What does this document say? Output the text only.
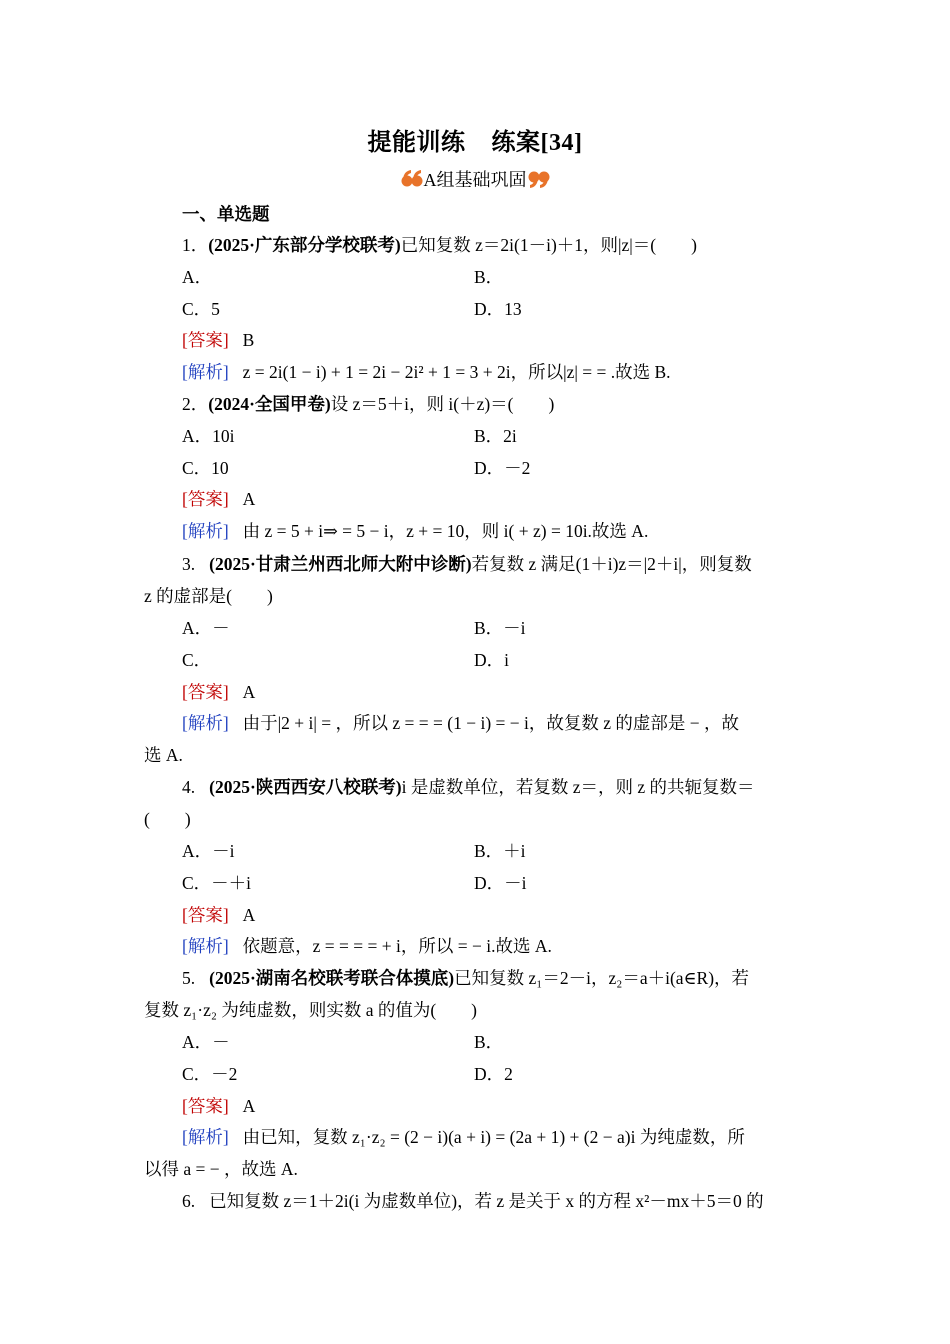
提能训练 练案[34]
A组基础巩固
一、单选题
1．(2025·广东部分学校联考)已知复数 z＝2i(1－i)＋1，则|z|＝(　　)
A．	B．
C．5	D．13
[答案] B
[解析] z = 2i(1 − i) + 1 = 2i − 2i² + 1 = 3 + 2i，所以|z| = = .故选 B.
2．(2024·全国甲卷)设 z＝5＋i，则 i(＋z)＝(　　)
A．10i	B．2i
C．10	D．－2
[答案] A
[解析] 由 z = 5 + i⇒ = 5 − i，z + = 10，则 i( + z) = 10i.故选 A.
3. (2025·甘肃兰州西北师大附中诊断)若复数 z 满足(1＋i)z＝|2＋i|，则复数
z 的虚部是(　　)
A．－	B．－i
C．	D．i
[答案] A
[解析] 由于|2 + i| = ，所以 z = = = (1 − i) = − i，故复数 z 的虚部是 − ，故
选 A.
4. (2025·陕西西安八校联考)i 是虚数单位，若复数 z＝，则 z 的共轭复数＝
(　　)
A．－i	B．＋i
C．－＋i	D．－i
[答案] A
[解析] 依题意，z = = = = + i，所以 = − i.故选 A.
5. (2025·湖南名校联考联合体摸底)已知复数 z₁＝2－i，z₂＝a＋i(a∈R)，若
复数 z₁·z₂ 为纯虚数，则实数 a 的值为(　　)
A．－	B．
C．－2	D．2
[答案] A
[解析] 由已知，复数 z₁·z₂ = (2 − i)(a + i) = (2a + 1) + (2 − a)i 为纯虚数，所
以得 a = − ，故选 A.
6. 已知复数 z＝1＋2i(i 为虚数单位)，若 z 是关于 x 的方程 x²－mx＋5＝0 的
